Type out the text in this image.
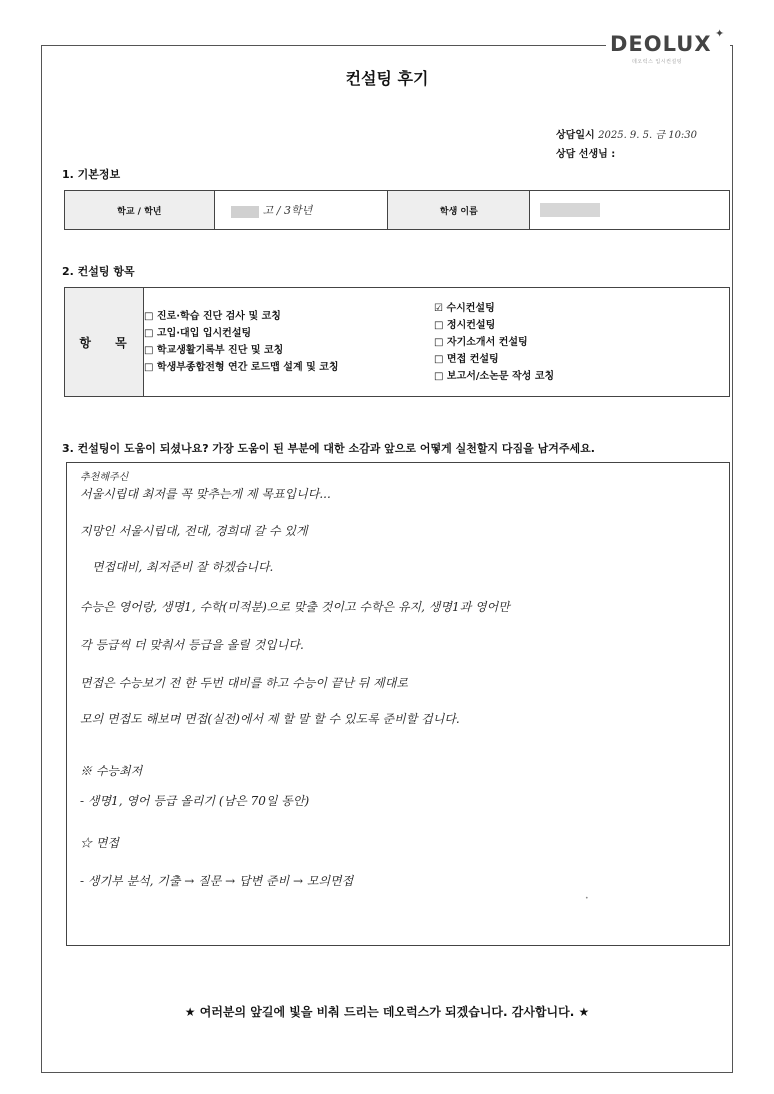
DEOLUX ✦
데오럭스 입시컨설팅
컨설팅 후기
상담일시 2025. 9. 5. 금 10:30
상담 선생님 :
1. 기본정보
학교 / 학년	고 / 3학년	학생 이름	
2. 컨설팅 항목
항 목	
□ 진로·학습 진단 검사 및 코칭
□ 고입·대입 입시컨설팅
□ 학교생활기록부 진단 및 코칭
□ 학생부종합전형 연간 로드맵 설계 및 코칭

☑ 수시컨설팅
□ 정시컨설팅
□ 자기소개서 컨설팅
□ 면접 컨설팅
□ 보고서/소논문 작성 코칭
3. 컨설팅이 도움이 되셨나요? 가장 도움이 된 부분에 대한 소감과 앞으로 어떻게 실천할지 다짐을 남겨주세요.
추천해주신
서울시립대 최저를 꼭 맞추는게 제 목표입니다...
지망인 서울시립대, 전대, 경희대 갈 수 있게
면접대비, 최저준비 잘 하겠습니다.
수능은 영어랑, 생명1, 수학(미적분)으로 맞출 것이고 수학은 유지, 생명1과 영어만
각 등급씩 더 맞춰서 등급을 올릴 것입니다.
면접은 수능보기 전 한 두번 대비를 하고 수능이 끝난 뒤 제대로
모의 면접도 해보며 면접(실전)에서 제 할 말 할 수 있도록 준비할 겁니다.
※ 수능최저
- 생명1, 영어 등급 올리기 (남은 70일 동안)
☆ 면접
- 생기부 분석, 기출 → 질문 → 답변 준비 → 모의면접
•
★ 여러분의 앞길에 빛을 비춰 드리는 데오럭스가 되겠습니다. 감사합니다. ★
